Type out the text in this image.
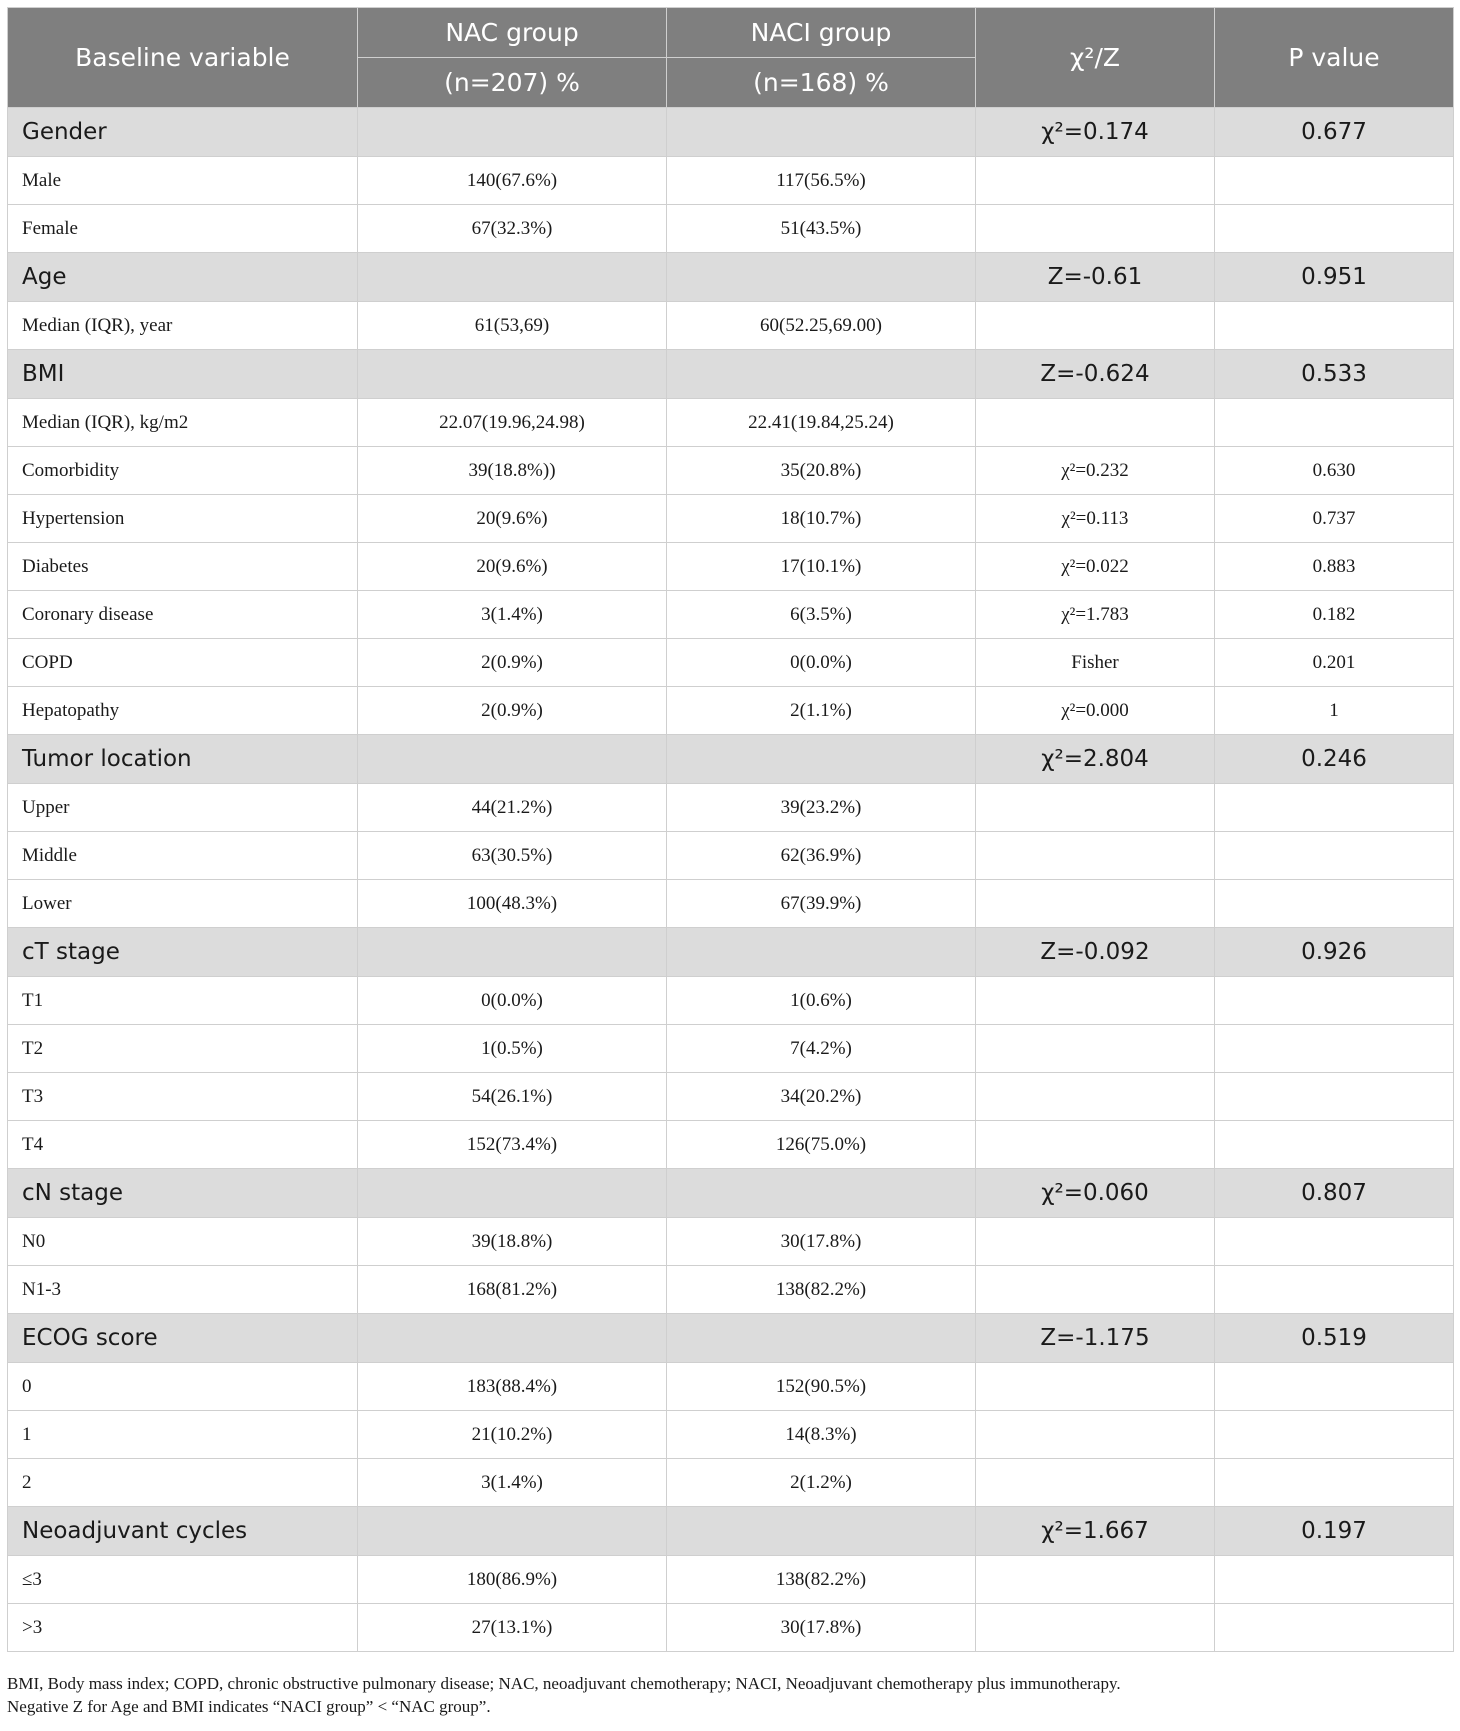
Baseline variable	NAC group	NACI group	χ²/Z	P value
	(n=207) %	(n=168) %		
Gender			χ²=0.174	0.677
Male	140(67.6%)	117(56.5%)		
Female	67(32.3%)	51(43.5%)		
Age			Z=-0.61	0.951
Median (IQR), year	61(53,69)	60(52.25,69.00)		
BMI			Z=-0.624	0.533
Median (IQR), kg/m2	22.07(19.96,24.98)	22.41(19.84,25.24)		
Comorbidity	39(18.8%))	35(20.8%)	χ²=0.232	0.630
Hypertension	20(9.6%)	18(10.7%)	χ²=0.113	0.737
Diabetes	20(9.6%)	17(10.1%)	χ²=0.022	0.883
Coronary disease	3(1.4%)	6(3.5%)	χ²=1.783	0.182
COPD	2(0.9%)	0(0.0%)	Fisher	0.201
Hepatopathy	2(0.9%)	2(1.1%)	χ²=0.000	1
Tumor location			χ²=2.804	0.246
Upper	44(21.2%)	39(23.2%)		
Middle	63(30.5%)	62(36.9%)		
Lower	100(48.3%)	67(39.9%)		
cT stage			Z=-0.092	0.926
T1	0(0.0%)	1(0.6%)		
T2	1(0.5%)	7(4.2%)		
T3	54(26.1%)	34(20.2%)		
T4	152(73.4%)	126(75.0%)		
cN stage			χ²=0.060	0.807
N0	39(18.8%)	30(17.8%)		
N1-3	168(81.2%)	138(82.2%)		
ECOG score			Z=-1.175	0.519
0	183(88.4%)	152(90.5%)		
1	21(10.2%)	14(8.3%)		
2	3(1.4%)	2(1.2%)		
Neoadjuvant cycles			χ²=1.667	0.197
≤3	180(86.9%)	138(82.2%)		
>3	27(13.1%)	30(17.8%)		
BMI, Body mass index; COPD, chronic obstructive pulmonary disease; NAC, neoadjuvant chemotherapy; NACI, Neoadjuvant chemotherapy plus immunotherapy.
Negative Z for Age and BMI indicates “NACI group” < “NAC group”.
